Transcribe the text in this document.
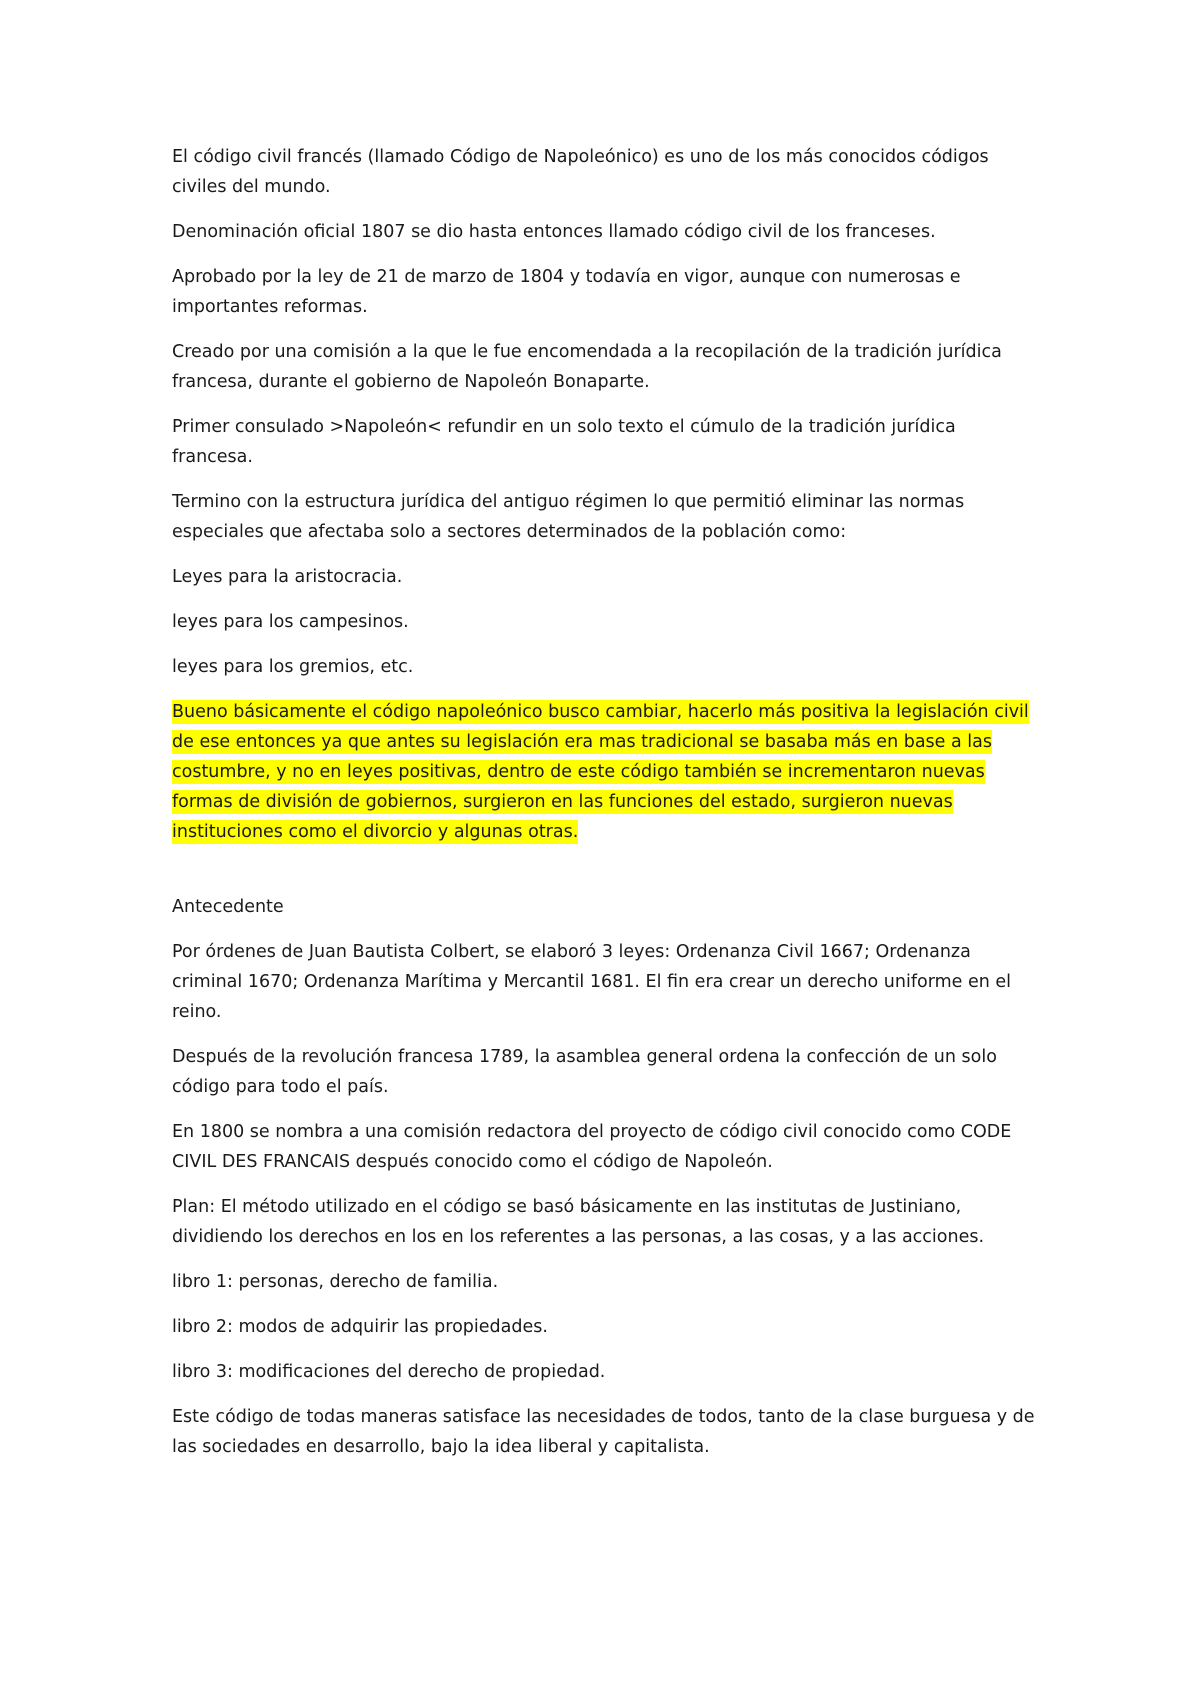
El código civil francés (llamado Código de Napoleónico) es uno de los más conocidos códigos civiles del mundo.

Denominación oficial 1807 se dio hasta entonces llamado código civil de los franceses.

Aprobado por la ley de 21 de marzo de 1804 y todavía en vigor, aunque con numerosas e importantes reformas.

Creado por una comisión a la que le fue encomendada a la recopilación de la tradición jurídica francesa, durante el gobierno de Napoleón Bonaparte.

Primer consulado >Napoleón< refundir en un solo texto el cúmulo de la tradición jurídica francesa.

Termino con la estructura jurídica del antiguo régimen lo que permitió eliminar las normas especiales que afectaba solo a sectores determinados de la población como:

Leyes para la aristocracia.

leyes para los campesinos.

leyes para los gremios, etc.

Bueno básicamente el código napoleónico busco cambiar, hacerlo más positiva la legislación civil de ese entonces ya que antes su legislación era mas tradicional se basaba más en base a las costumbre, y no en leyes positivas, dentro de este código también se incrementaron nuevas formas de división de gobiernos, surgieron en las funciones del estado, surgieron nuevas instituciones como el divorcio y algunas otras.

Antecedente

Por órdenes de Juan Bautista Colbert, se elaboró 3 leyes: Ordenanza Civil 1667; Ordenanza criminal 1670; Ordenanza Marítima y Mercantil 1681. El fin era crear un derecho uniforme en el reino.

Después de la revolución francesa 1789, la asamblea general ordena la confección de un solo código para todo el país.

En 1800 se nombra a una comisión redactora del proyecto de código civil conocido como CODE CIVIL DES FRANCAIS después conocido como el código de Napoleón.

Plan: El método utilizado en el código se basó básicamente en las institutas de Justiniano, dividiendo los derechos en los en los referentes a las personas, a las cosas, y a las acciones.

libro 1: personas, derecho de familia.

libro 2: modos de adquirir las propiedades.

libro 3: modificaciones del derecho de propiedad.

Este código de todas maneras satisface las necesidades de todos, tanto de la clase burguesa y de las sociedades en desarrollo, bajo la idea liberal y capitalista.
